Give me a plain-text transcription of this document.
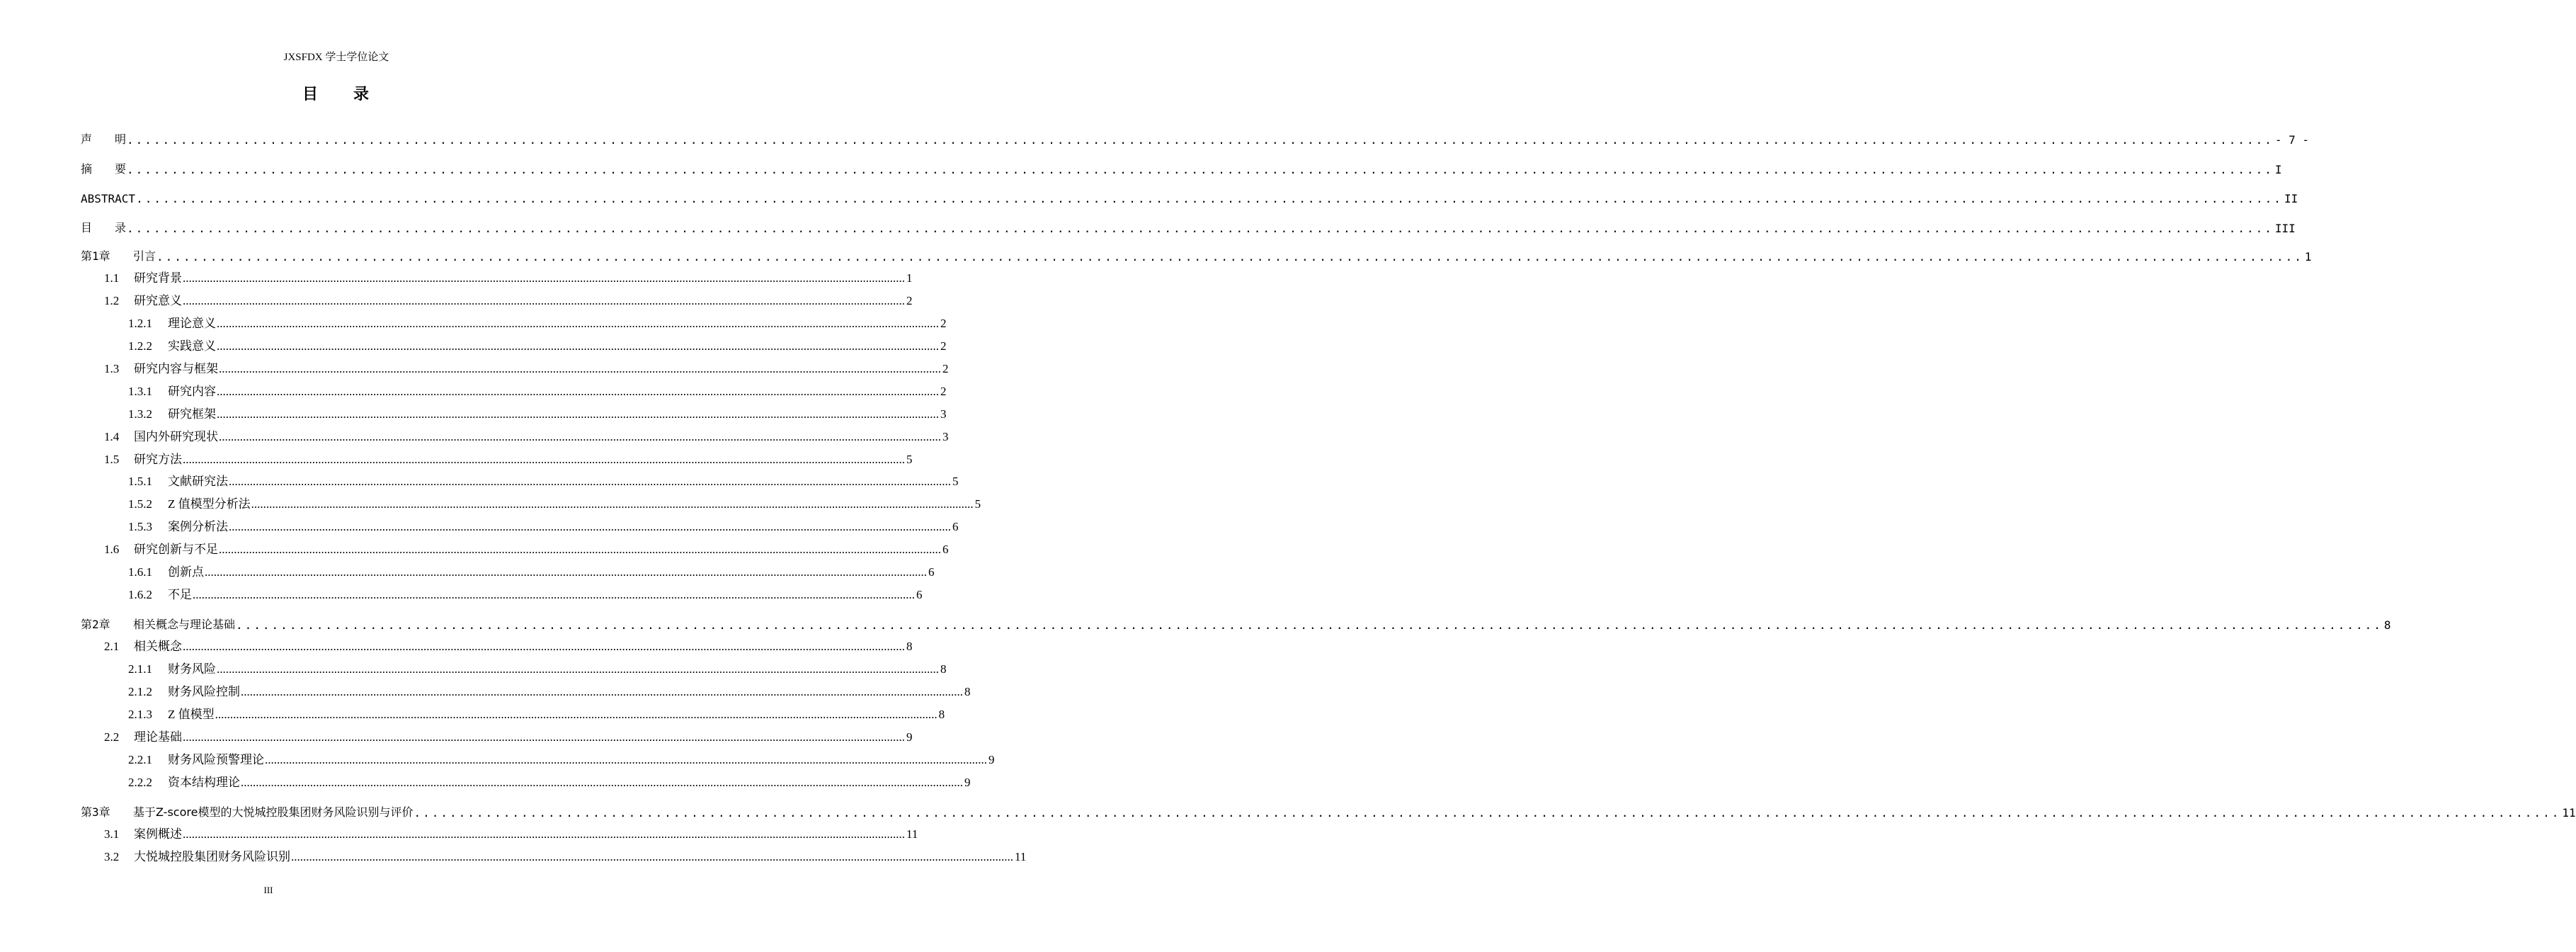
JXSFDX 学士学位论文
目 录
声　　明 ................................................................................................................................................................................................................................................ - 7 -
摘　　要 ................................................................................................................................................................................................................................................ I
ABSTRACT ................................................................................................................................................................................................................................................ II
目　　录 ................................................................................................................................................................................................................................................ III
第1章	引言 ................................................................................................................................................................................................................................................ 1
1.1	研究背景 ................................................................................................................................................................................................................................................ 1
1.2	研究意义 ................................................................................................................................................................................................................................................ 2
1.2.1	理论意义 ................................................................................................................................................................................................................................................ 2
1.2.2	实践意义 ................................................................................................................................................................................................................................................ 2
1.3	研究内容与框架 ................................................................................................................................................................................................................................................ 2
1.3.1	研究内容 ................................................................................................................................................................................................................................................ 2
1.3.2	研究框架 ................................................................................................................................................................................................................................................ 3
1.4	国内外研究现状 ................................................................................................................................................................................................................................................ 3
1.5	研究方法 ................................................................................................................................................................................................................................................ 5
1.5.1	文献研究法 ................................................................................................................................................................................................................................................ 5
1.5.2	Z 值模型分析法 ................................................................................................................................................................................................................................................ 5
1.5.3	案例分析法 ................................................................................................................................................................................................................................................ 6
1.6	研究创新与不足 ................................................................................................................................................................................................................................................ 6
1.6.1	创新点 ................................................................................................................................................................................................................................................ 6
1.6.2	不足 ................................................................................................................................................................................................................................................ 6
第2章	相关概念与理论基础 ................................................................................................................................................................................................................................................ 8
2.1	相关概念 ................................................................................................................................................................................................................................................ 8
2.1.1	财务风险 ................................................................................................................................................................................................................................................ 8
2.1.2	财务风险控制 ................................................................................................................................................................................................................................................ 8
2.1.3	Z 值模型 ................................................................................................................................................................................................................................................ 8
2.2	理论基础 ................................................................................................................................................................................................................................................ 9
2.2.1	财务风险预警理论 ................................................................................................................................................................................................................................................ 9
2.2.2	资本结构理论 ................................................................................................................................................................................................................................................ 9
第3章	基于Z-score模型的大悦城控股集团财务风险识别与评价 ................................................................................................................................................................................................................................................ 11
3.1	案例概述 ................................................................................................................................................................................................................................................ 11
3.2	大悦城控股集团财务风险识别 ................................................................................................................................................................................................................................................ 11
III
